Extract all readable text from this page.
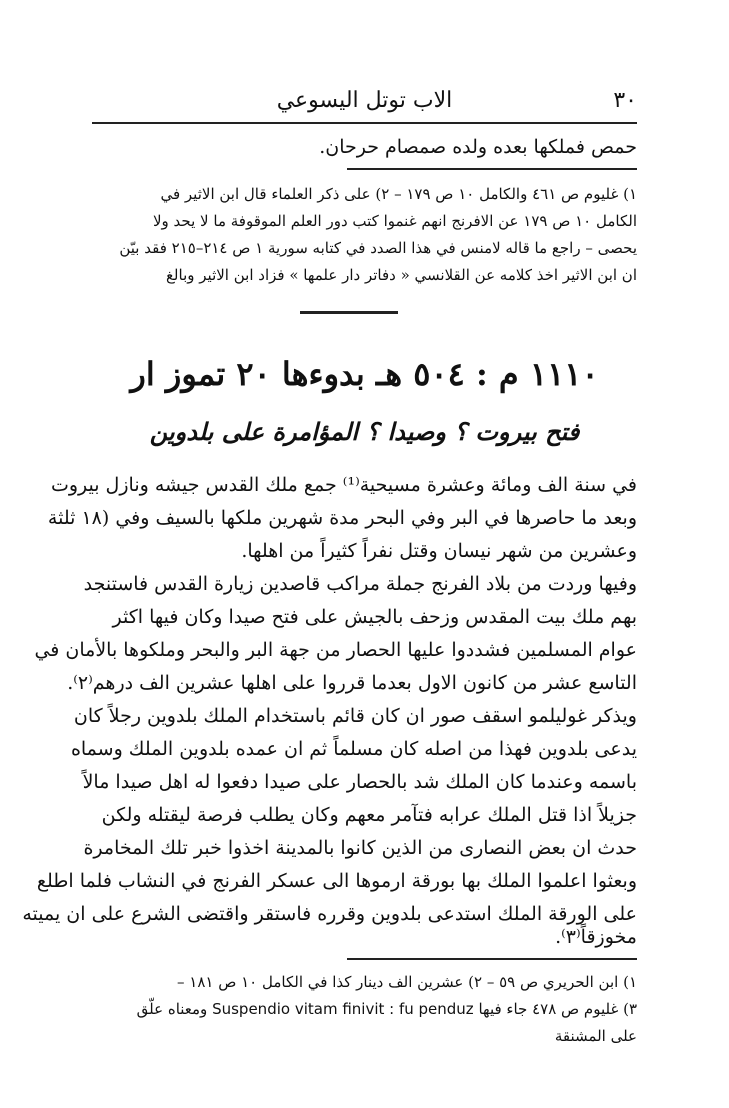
٣٠
الاب توتل اليسوعي
حمص فملكها بعده ولده صمصام حرحان.
١) غليوم ص ٤٦١ والكامل ١٠ ص ١٧٩ – ٢) على ذكر العلماء قال ابن الاثير في
الكامل ١٠ ص ١٧٩ عن الافرنج انهم غنموا كتب دور العلم الموقوفة ما لا يحد ولا
يحصى – راجع ما قاله لامنس في هذا الصدد في كتابه سورية ١ ص ٢١٤–٢١٥ فقد بيّن
ان ابن الاثير اخذ كلامه عن القلانسي « دفاتر دار علمها » فزاد ابن الاثير وبالغ
١١١٠ م : ٥٠٤ هـ بدوءها ٢٠ تموز ار
فتح بيروت ؟ وصيدا ؟ المؤامرة على بلدوين
في سنة الف ومائة وعشرة مسيحية⁽¹⁾ جمع ملك القدس جيشه ونازل بيروت
وبعد ما حاصرها في البر وفي البحر مدة شهرين ملكها بالسيف وفي (١٨ ثلثة
وعشرين من شهر نيسان وقتل نفراً كثيراً من اهلها.
وفيها وردت من بلاد الفرنج جملة مراكب قاصدين زيارة القدس فاستنجد
بهم ملك بيت المقدس وزحف بالجيش على فتح صيدا وكان فيها اكثر
عوام المسلمين فشددوا عليها الحصار من جهة البر والبحر وملكوها بالأمان في
التاسع عشر من كانون الاول بعدما قرروا على اهلها عشرين الف درهم⁽٢⁾.
ويذكر غوليلمو اسقف صور ان كان قائم باستخدام الملك بلدوين رجلاً كان
يدعى بلدوين فهذا من اصله كان مسلماً ثم ان عمده بلدوين الملك وسماه
باسمه وعندما كان الملك شد بالحصار على صيدا دفعوا له اهل صيدا مالاً
جزيلاً اذا قتل الملك عرابه فتآمر معهم وكان يطلب فرصة ليقتله ولكن
حدث ان بعض النصارى من الذين كانوا بالمدينة اخذوا خبر تلك المخامرة
وبعثوا اعلموا الملك بها بورقة ارموها الى عسكر الفرنج في النشاب فلما اطلع
على الورقة الملك استدعى بلدوين وقرره فاستقر واقتضى الشرع على ان يميته
مخوزقاً⁽٣⁾.
١) ابن الحريري ص ٥٩ – ٢) عشرين الف دينار كذا في الكامل ١٠ ص ١٨١ –
٣) غليوم ص ٤٧٨ جاء فيها Suspendio vitam finivit : fu penduz ومعناه علّق
على المشنقة
